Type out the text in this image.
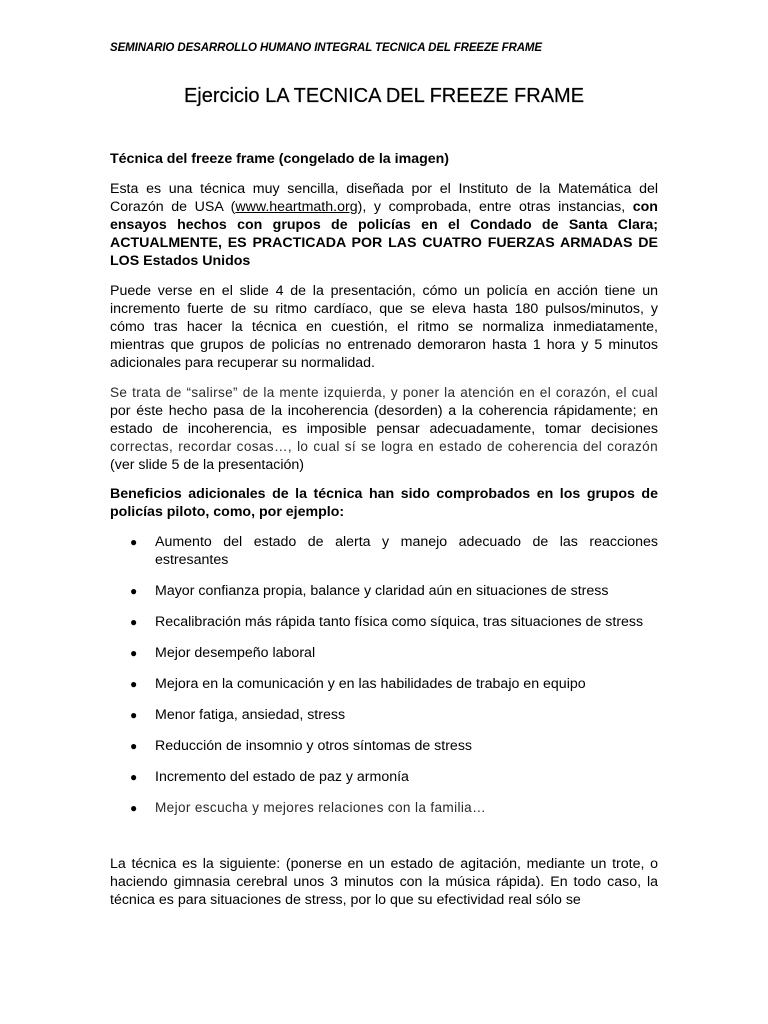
SEMINARIO DESARROLLO HUMANO INTEGRAL TECNICA DEL FREEZE FRAME
Ejercicio LA TECNICA DEL FREEZE FRAME

Técnica del freeze frame (congelado de la imagen)

Esta es una técnica muy sencilla, diseñada por el Instituto de la Matemática del Corazón de USA (www.heartmath.org), y comprobada, entre otras instancias, con ensayos hechos con grupos de policías en el Condado de Santa Clara; ACTUALMENTE, ES PRACTICADA POR LAS CUATRO FUERZAS ARMADAS DE LOS Estados Unidos

Puede verse en el slide 4 de la presentación, cómo un policía en acción tiene un incremento fuerte de su ritmo cardíaco, que se eleva hasta 180 pulsos/minutos, y cómo tras hacer la técnica en cuestión, el ritmo se normaliza inmediatamente, mientras que grupos de policías no entrenado demoraron hasta 1 hora y 5 minutos adicionales para recuperar su normalidad.

Se trata de “salirse” de la mente izquierda, y poner la atención en el corazón, el cual por éste hecho pasa de la incoherencia (desorden) a la coherencia rápidamente; en estado de incoherencia, es imposible pensar adecuadamente, tomar decisiones correctas, recordar cosas…, lo cual sí se logra en estado de coherencia del corazón (ver slide 5 de la presentación)

Beneficios adicionales de la técnica han sido comprobados en los grupos de policías piloto, como, por ejemplo:

● Aumento del estado de alerta y manejo adecuado de las reacciones estresantes
● Mayor confianza propia, balance y claridad aún en situaciones de stress
● Recalibración más rápida tanto física como síquica, tras situaciones de stress
● Mejor desempeño laboral
● Mejora en la comunicación y en las habilidades de trabajo en equipo
● Menor fatiga, ansiedad, stress
● Reducción de insomnio y otros síntomas de stress
● Incremento del estado de paz y armonía
● Mejor escucha y mejores relaciones con la familia…

La técnica es la siguiente: (ponerse en un estado de agitación, mediante un trote, o haciendo gimnasia cerebral unos 3 minutos con la música rápida). En todo caso, la técnica es para situaciones de stress, por lo que su efectividad real sólo se
